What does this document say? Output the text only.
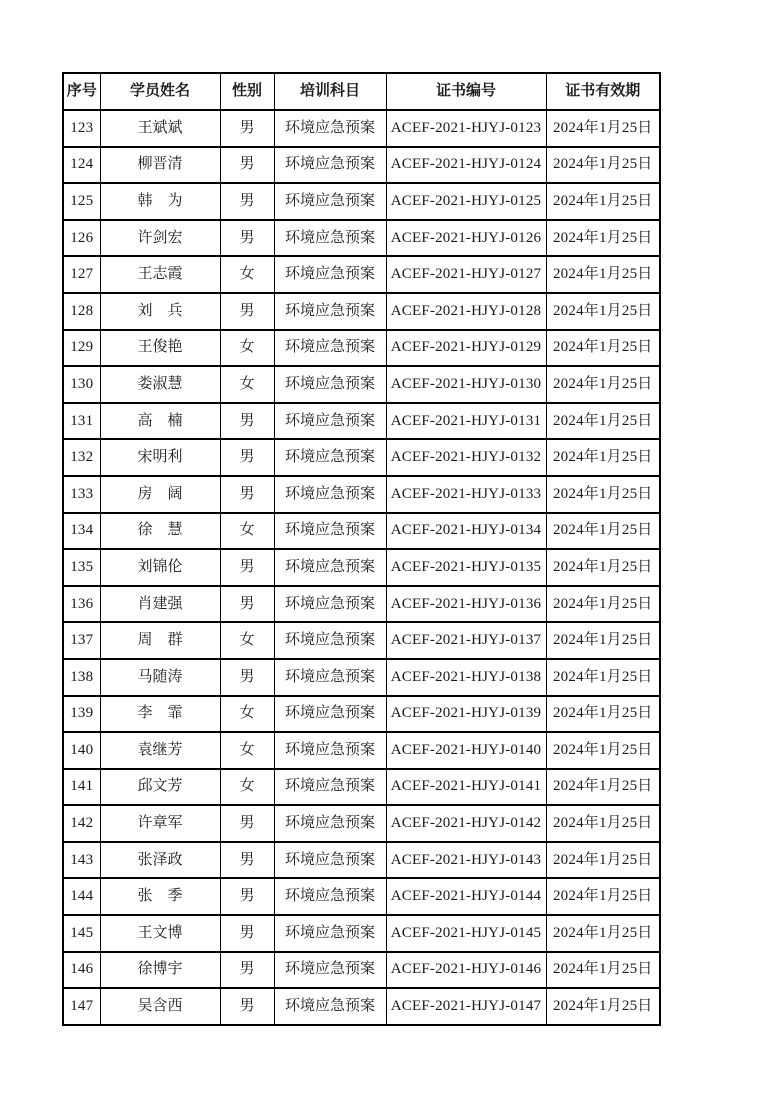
序号	学员姓名	性别	培训科目	证书编号	证书有效期
123	王斌斌	男	环境应急预案	ACEF-2021-HJYJ-0123	2024年1月25日
124	柳晋清	男	环境应急预案	ACEF-2021-HJYJ-0124	2024年1月25日
125	韩　为	男	环境应急预案	ACEF-2021-HJYJ-0125	2024年1月25日
126	许剑宏	男	环境应急预案	ACEF-2021-HJYJ-0126	2024年1月25日
127	王志霞	女	环境应急预案	ACEF-2021-HJYJ-0127	2024年1月25日
128	刘　兵	男	环境应急预案	ACEF-2021-HJYJ-0128	2024年1月25日
129	王俊艳	女	环境应急预案	ACEF-2021-HJYJ-0129	2024年1月25日
130	娄淑慧	女	环境应急预案	ACEF-2021-HJYJ-0130	2024年1月25日
131	高　楠	男	环境应急预案	ACEF-2021-HJYJ-0131	2024年1月25日
132	宋明利	男	环境应急预案	ACEF-2021-HJYJ-0132	2024年1月25日
133	房　阔	男	环境应急预案	ACEF-2021-HJYJ-0133	2024年1月25日
134	徐　慧	女	环境应急预案	ACEF-2021-HJYJ-0134	2024年1月25日
135	刘锦伦	男	环境应急预案	ACEF-2021-HJYJ-0135	2024年1月25日
136	肖建强	男	环境应急预案	ACEF-2021-HJYJ-0136	2024年1月25日
137	周　群	女	环境应急预案	ACEF-2021-HJYJ-0137	2024年1月25日
138	马随涛	男	环境应急预案	ACEF-2021-HJYJ-0138	2024年1月25日
139	李　霏	女	环境应急预案	ACEF-2021-HJYJ-0139	2024年1月25日
140	袁继芳	女	环境应急预案	ACEF-2021-HJYJ-0140	2024年1月25日
141	邱文芳	女	环境应急预案	ACEF-2021-HJYJ-0141	2024年1月25日
142	许章军	男	环境应急预案	ACEF-2021-HJYJ-0142	2024年1月25日
143	张泽政	男	环境应急预案	ACEF-2021-HJYJ-0143	2024年1月25日
144	张　季	男	环境应急预案	ACEF-2021-HJYJ-0144	2024年1月25日
145	王文博	男	环境应急预案	ACEF-2021-HJYJ-0145	2024年1月25日
146	徐博宇	男	环境应急预案	ACEF-2021-HJYJ-0146	2024年1月25日
147	吴含西	男	环境应急预案	ACEF-2021-HJYJ-0147	2024年1月25日
